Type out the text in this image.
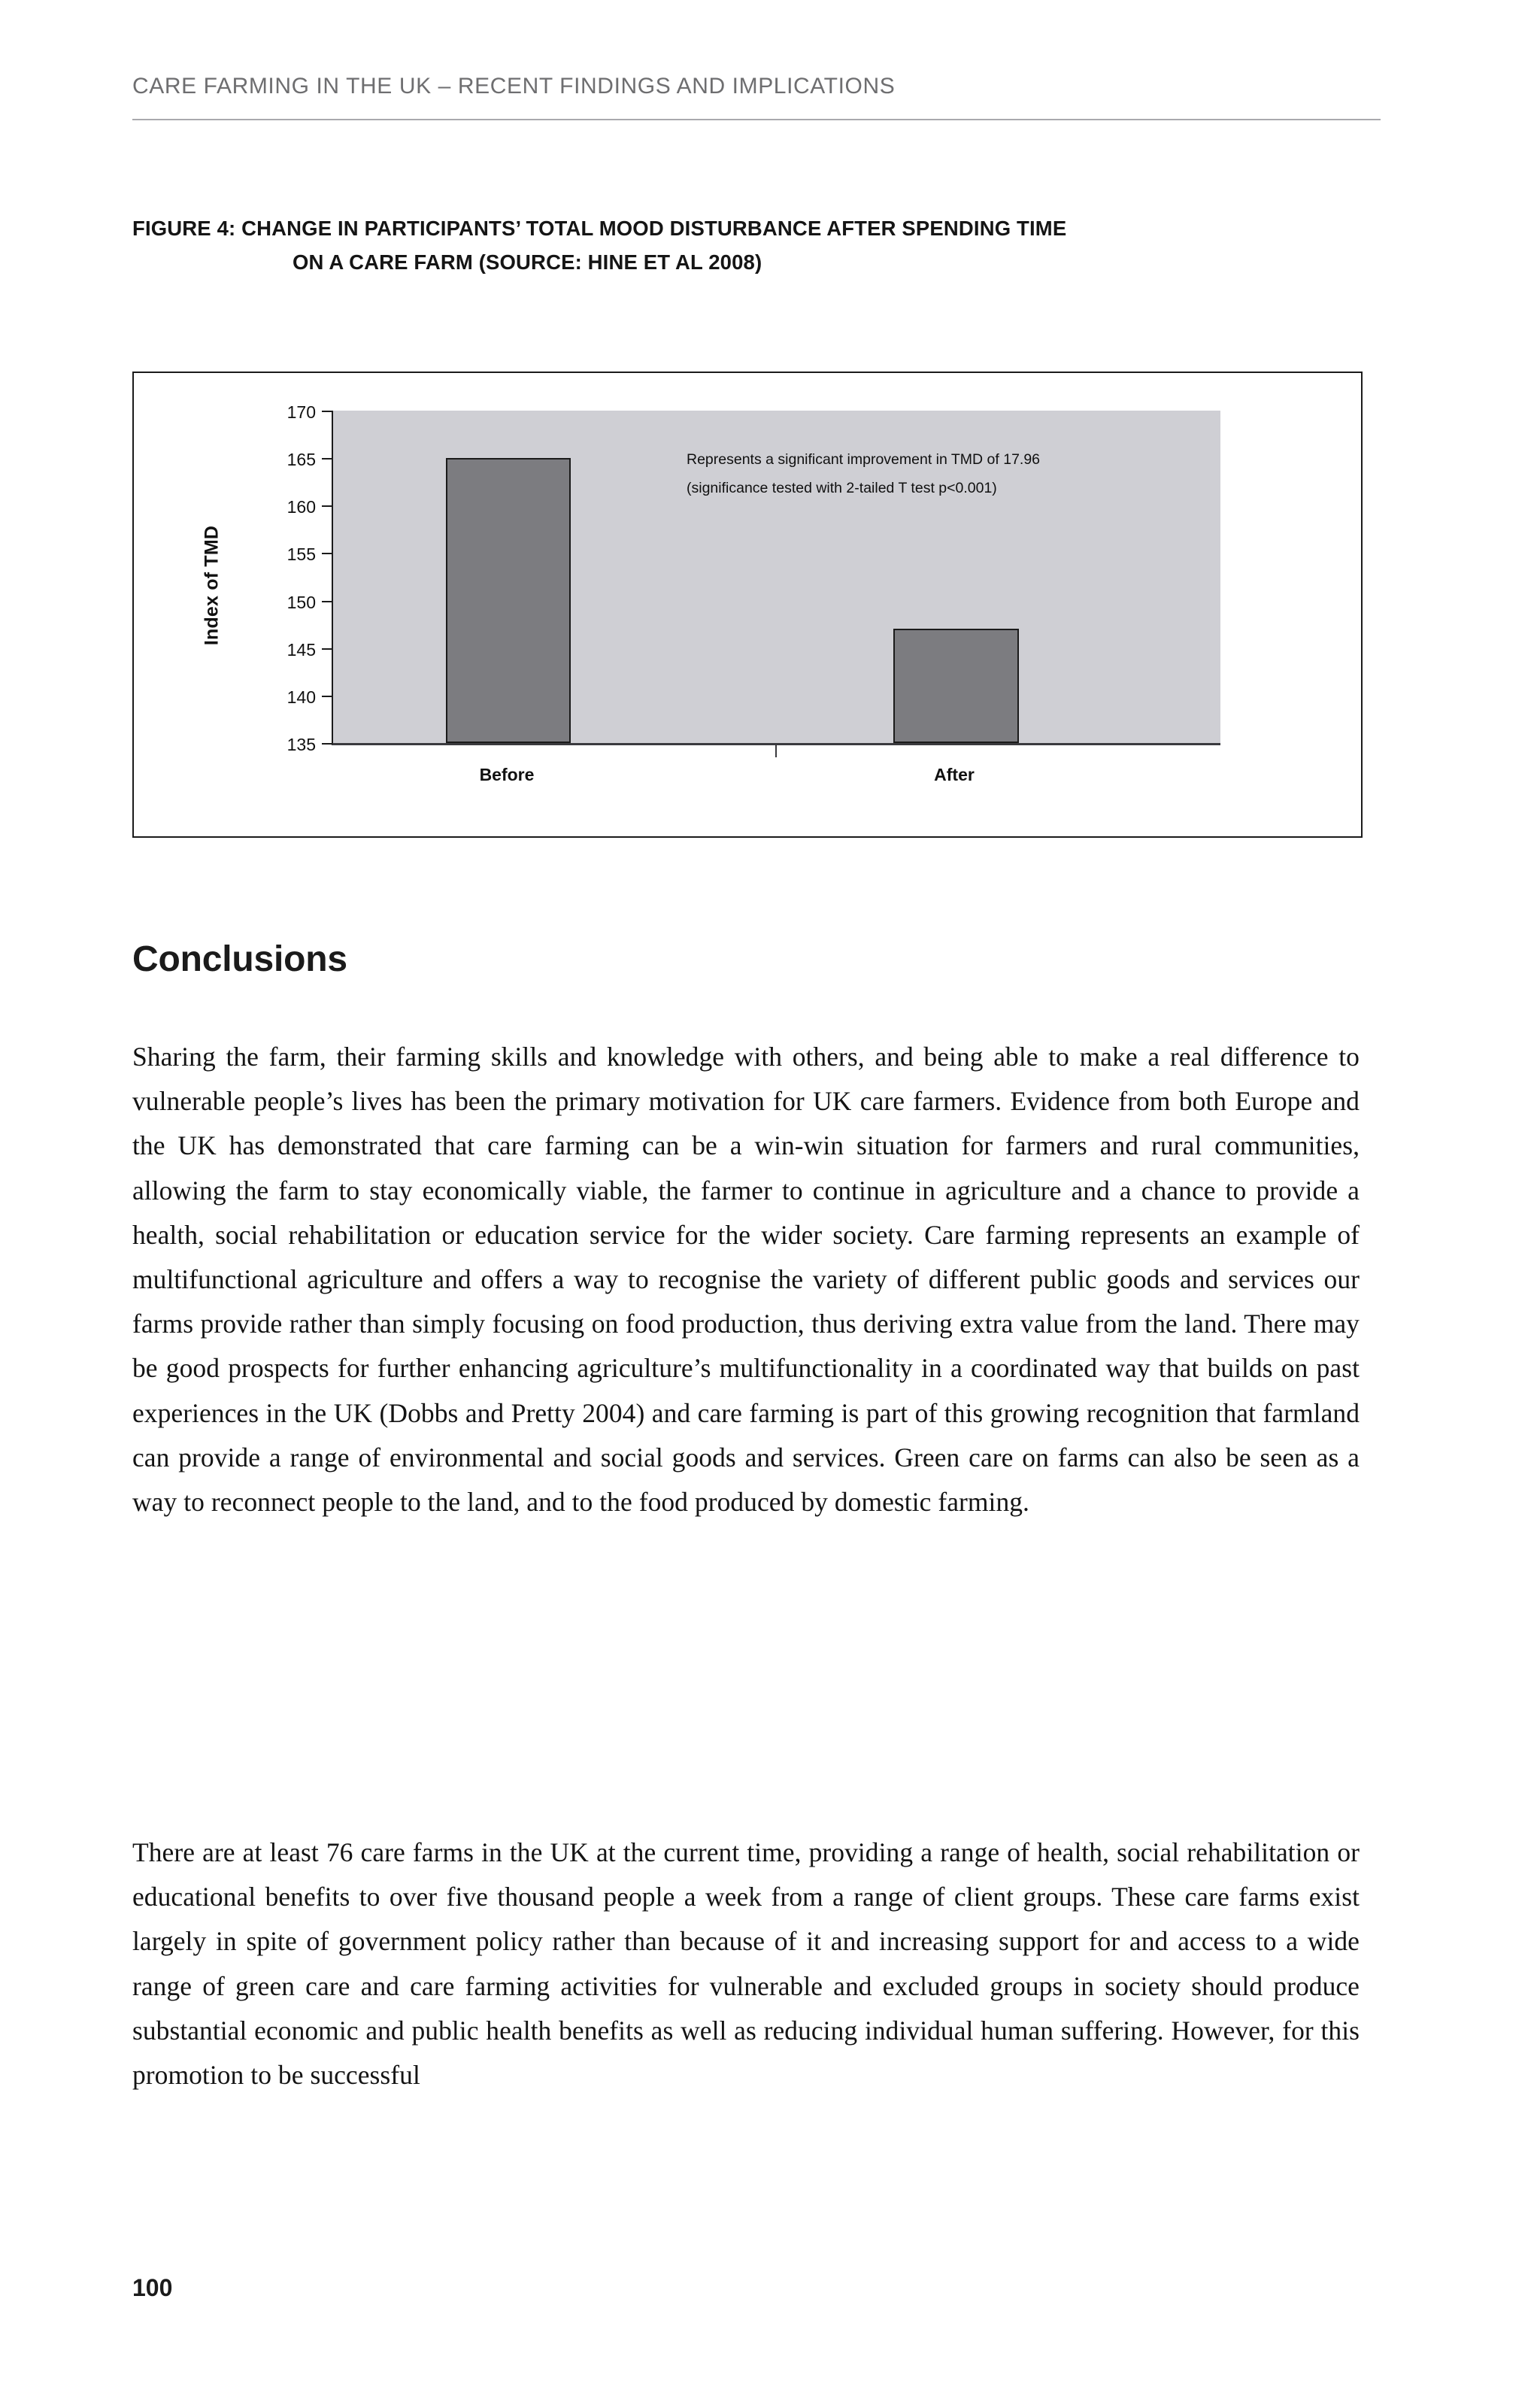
CARE FARMING IN THE UK – RECENT FINDINGS AND IMPLICATIONS
FIGURE 4: CHANGE IN PARTICIPANTS’ TOTAL MOOD DISTURBANCE AFTER SPENDING TIME
ON A CARE FARM (SOURCE: HINE ET AL 2008)
Index of TMD
170
165
160
155
150
145
140
135
Represents a significant improvement in TMD of 17.96
(significance tested with 2-tailed T test p<0.001)
Before	After
Conclusions
Sharing the farm, their farming skills and knowledge with others, and being able to make a real difference to vulnerable people’s lives has been the primary motivation for UK care farmers. Evidence from both Europe and the UK has demonstrated that care farming can be a win-win situation for farmers and rural communities, allowing the farm to stay economically viable, the farmer to continue in agriculture and a chance to provide a health, social rehabilitation or education service for the wider society. Care farming represents an example of multifunctional agriculture and offers a way to recognise the variety of different public goods and services our farms provide rather than simply focusing on food production, thus deriving extra value from the land. There may be good prospects for further enhancing agriculture’s multifunctionality in a coordinated way that builds on past experiences in the UK (Dobbs and Pretty 2004) and care farming is part of this growing recognition that farmland can provide a range of environmental and social goods and services. Green care on farms can also be seen as a way to reconnect people to the land, and to the food produced by domestic farming.
There are at least 76 care farms in the UK at the current time, providing a range of health, social rehabilitation or educational benefits to over five thousand people a week from a range of client groups. These care farms exist largely in spite of government policy rather than because of it and increasing support for and access to a wide range of green care and care farming activities for vulnerable and excluded groups in society should produce substantial economic and public health benefits as well as reducing individual human suffering. However, for this promotion to be successful
100
